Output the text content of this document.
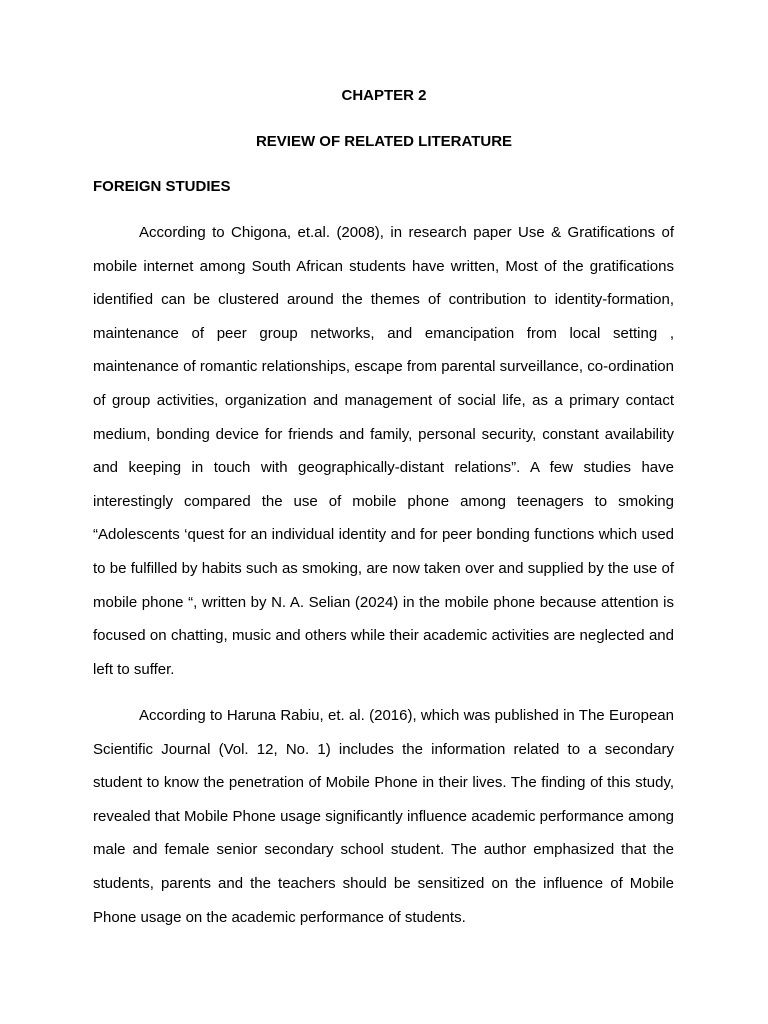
CHAPTER 2
REVIEW OF RELATED LITERATURE
FOREIGN STUDIES

According to Chigona, et.al. (2008), in research paper Use & Gratifications of mobile internet among South African students have written, Most of the gratifications identified can be clustered around the themes of contribution to identity-formation, maintenance of peer group networks, and emancipation from local setting , maintenance of romantic relationships, escape from parental surveillance, co-ordination of group activities, organization and management of social life, as a primary contact medium, bonding device for friends and family, personal security, constant availability and keeping in touch with geographically-distant relations”. A few studies have interestingly compared the use of mobile phone among teenagers to smoking “Adolescents ‘quest for an individual identity and for peer bonding functions which used to be fulfilled by habits such as smoking, are now taken over and supplied by the use of mobile phone “, written by N. A. Selian (2024) in the mobile phone because attention is focused on chatting, music and others while their academic activities are neglected and left to suffer.

According to Haruna Rabiu, et. al. (2016), which was published in The European Scientific Journal (Vol. 12, No. 1) includes the information related to a secondary student to know the penetration of Mobile Phone in their lives. The finding of this study, revealed that Mobile Phone usage significantly influence academic performance among male and female senior secondary school student. The author emphasized that the students, parents and the teachers should be sensitized on the influence of Mobile Phone usage on the academic performance of students.
